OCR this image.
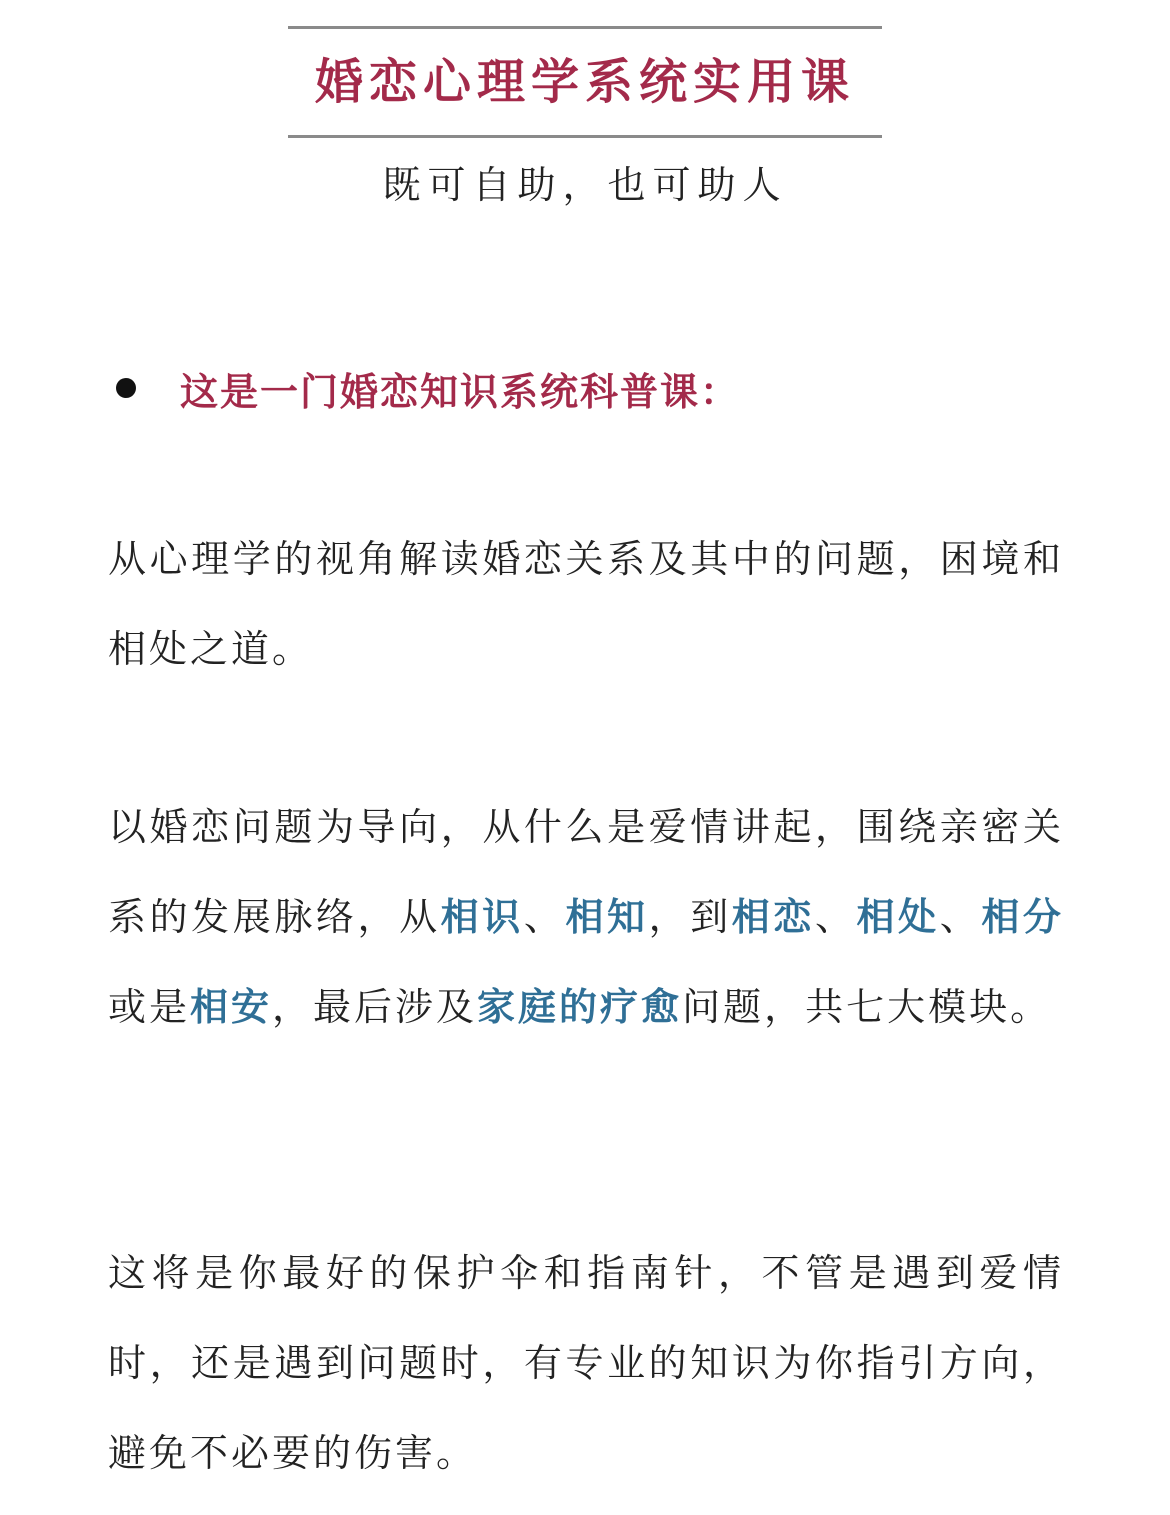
婚恋心理学系统实用课
既可自助，也可助人
这是一门婚恋知识系统科普课：
从心理学的视角解读婚恋关系及其中的问题，困境和相处之道。
以婚恋问题为导向，从什么是爱情讲起，围绕亲密关系的发展脉络，从相识、相知，到相恋、相处、相分或是相安，最后涉及家庭的疗愈问题，共七大模块。
这将是你最好的保护伞和指南针，不管是遇到爱情时，还是遇到问题时，有专业的知识为你指引方向，避免不必要的伤害。
